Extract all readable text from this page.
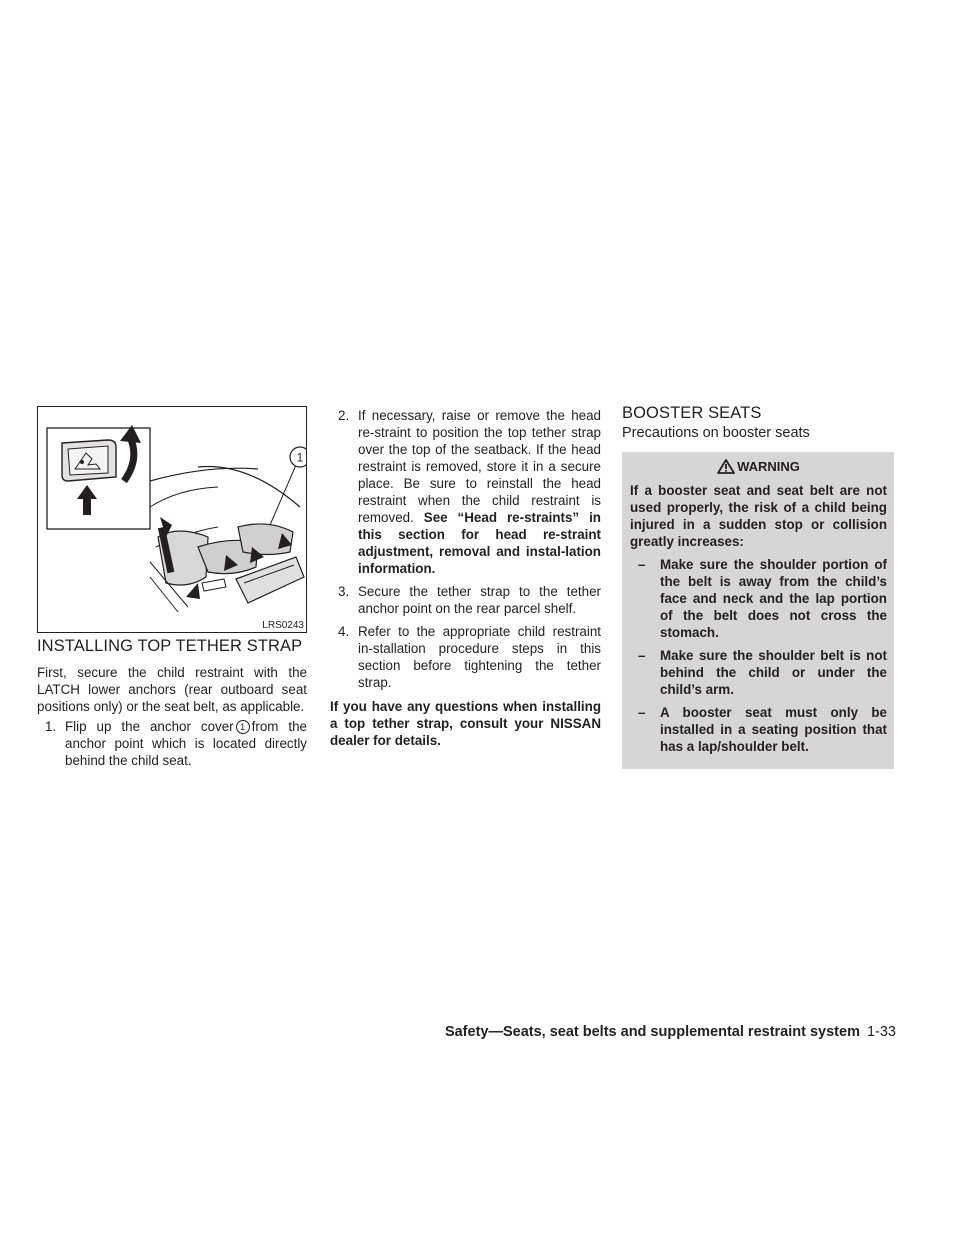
1
LRS0243
INSTALLING TOP TETHER STRAP

First, secure the child restraint with the LATCH lower anchors (rear outboard seat positions only) or the seat belt, as applicable.

1. Flip up the anchor cover 1 from the anchor point which is located directly behind the child seat.
2. If necessary, raise or remove the head re-straint to position the top tether strap over the top of the seatback. If the head restraint is removed, store it in a secure place. Be sure to reinstall the head restraint when the child restraint is removed. See “Head re-straints” in this section for head re-straint adjustment, removal and instal-lation information.
3. Secure the tether strap to the tether anchor point on the rear parcel shelf.
4. Refer to the appropriate child restraint in-stallation procedure steps in this section before tightening the tether strap.

If you have any questions when installing a top tether strap, consult your NISSAN dealer for details.

BOOSTER SEATS
Precautions on booster seats
WARNING

If a booster seat and seat belt are not used properly, the risk of a child being injured in a sudden stop or collision greatly increases:

–	Make sure the shoulder portion of the belt is away from the child’s face and neck and the lap portion of the belt does not cross the stomach.
–	Make sure the shoulder belt is not behind the child or under the child’s arm.
–	A booster seat must only be installed in a seating position that has a lap/shoulder belt.
Safety—Seats, seat belts and supplemental restraint system 1-33
